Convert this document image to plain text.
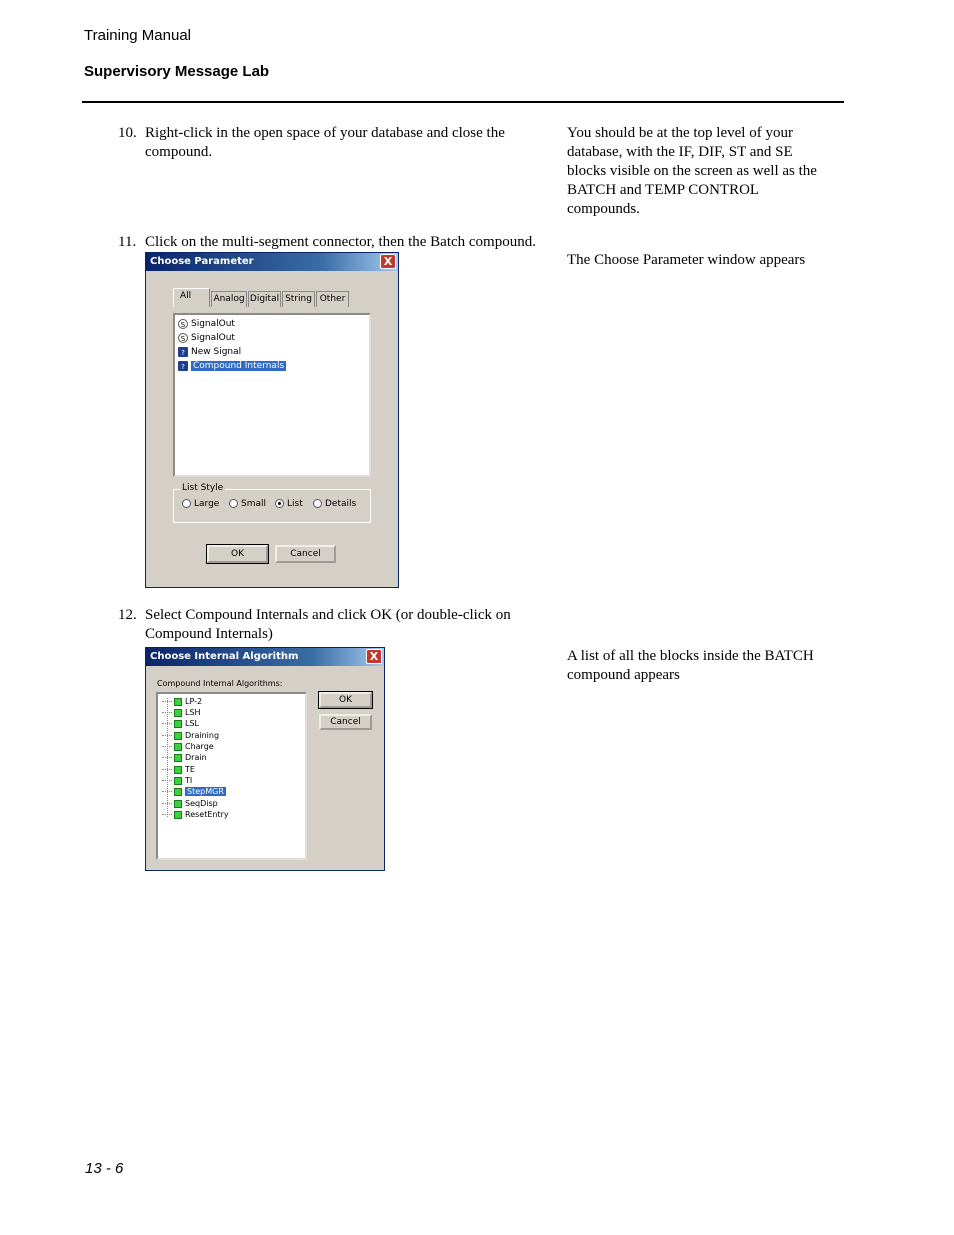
Training Manual
Supervisory Message Lab
10. Right-click in the open space of your database and close the compound.
You should be at the top level of your database, with the IF, DIF, ST and SE blocks visible on the screen as well as the BATCH and TEMP CONTROL compounds.
11. Click on the multi-segment connector, then the Batch compound.
The Choose Parameter window appears
Choose Parameter	X
All	Analog Digital String Other
S SignalOut
S SignalOut
? New Signal
? Compound Internals
List Style
Large	Small	List	Details
OK	Cancel
12. Select Compound Internals and click OK (or double-click on Compound Internals)
A list of all the blocks inside the BATCH compound appears
Choose Internal Algorithm	X
Compound Internal Algorithms:
LP-2
LSH
LSL
Draining
Charge
Drain
TE
TI
StepMGR
SeqDisp
ResetEntry
OK
Cancel
13 - 6
